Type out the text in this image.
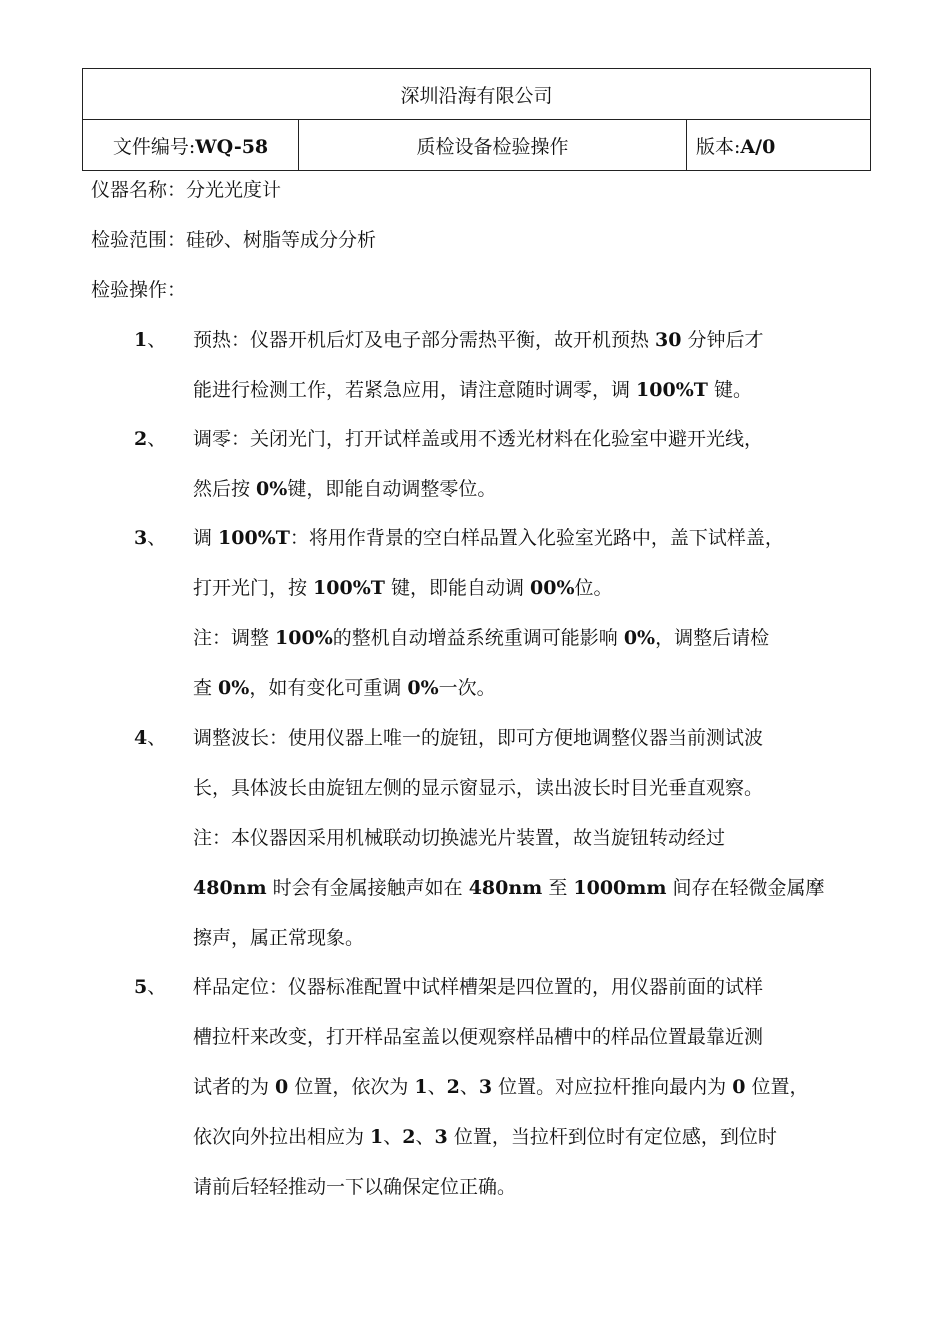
深圳沿海有限公司
文件编号:WQ-58	质检设备检验操作	版本:A/0
仪器名称：分光光度计
检验范围：硅砂、树脂等成分分析
检验操作：
1、 预热：仪器开机后灯及电子部分需热平衡，故开机预热 30 分钟后才
能进行检测工作，若紧急应用，请注意随时调零，调 100%T 键。
2、 调零：关闭光门，打开试样盖或用不透光材料在化验室中避开光线，
然后按 0%键，即能自动调整零位。
3、 调 100%T：将用作背景的空白样品置入化验室光路中，盖下试样盖，
打开光门，按 100%T 键，即能自动调 00%位。
注：调整 100%的整机自动增益系统重调可能影响 0%，调整后请检
查 0%，如有变化可重调 0%一次。
4、 调整波长：使用仪器上唯一的旋钮，即可方便地调整仪器当前测试波
长，具体波长由旋钮左侧的显示窗显示，读出波长时目光垂直观察。
注：本仪器因采用机械联动切换滤光片装置，故当旋钮转动经过
480nm 时会有金属接触声如在 480nm 至 1000mm 间存在轻微金属摩
擦声，属正常现象。
5、 样品定位：仪器标准配置中试样槽架是四位置的，用仪器前面的试样
槽拉杆来改变，打开样品室盖以便观察样品槽中的样品位置最靠近测
试者的为 0 位置，依次为 1、2、3 位置。对应拉杆推向最内为 0 位置，
依次向外拉出相应为 1、2、3 位置，当拉杆到位时有定位感，到位时
请前后轻轻推动一下以确保定位正确。
